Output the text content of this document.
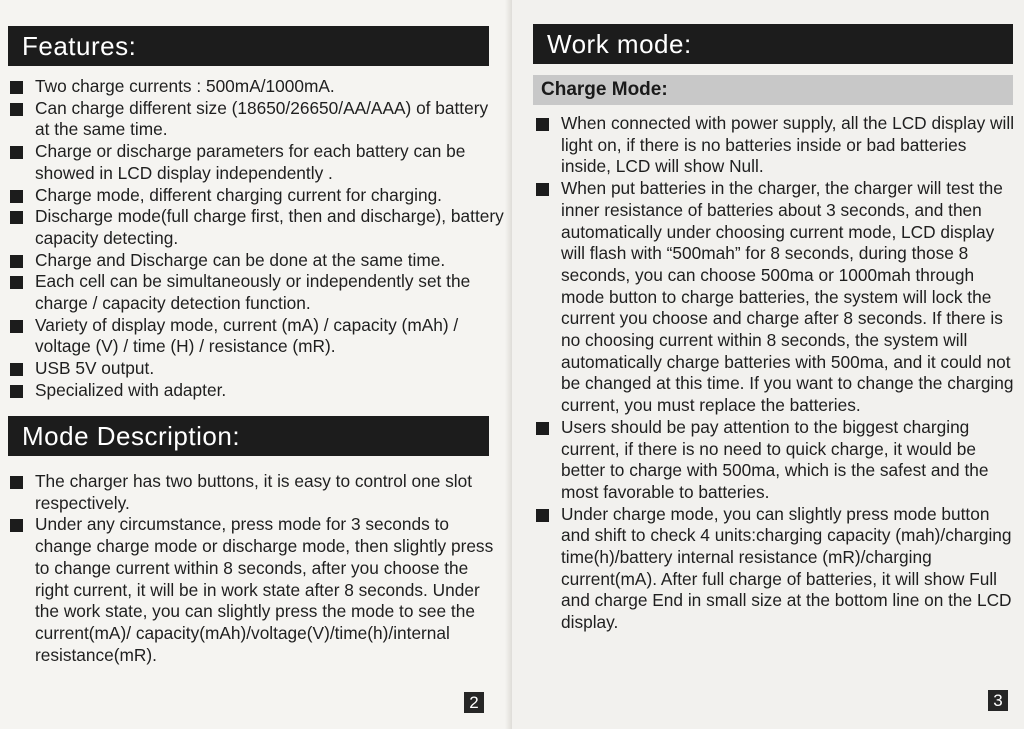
Features:
Two charge currents : 500mA/1000mA.
Can charge different size (18650/26650/AA/AAA) of battery at the same time.
Charge or discharge parameters for each battery can be showed in LCD display independently .
Charge mode, different charging current for charging.
Discharge mode(full charge first, then and discharge), battery capacity detecting.
Charge and Discharge can be done at the same time.
Each cell can be simultaneously or independently set the charge / capacity detection function.
Variety of display mode, current (mA) / capacity (mAh) / voltage (V) / time (H) / resistance (mR).
USB 5V output.
Specialized with adapter.
Mode Description:
The charger has two buttons, it is easy to control one slot respectively.
Under any circumstance, press mode for 3 seconds to change charge mode or discharge mode, then slightly press to change current within 8 seconds, after you choose the right current, it will be in work state after 8 seconds. Under the work state, you can slightly press the mode to see the current(mA)/ capacity(mAh)/voltage(V)/time(h)/internal resistance(mR).
2
Work mode:
Charge Mode:
When connected with power supply, all the LCD display will light on, if there is no batteries inside or bad batteries inside, LCD will show Null.
When put batteries in the charger, the charger will test the inner resistance of batteries about 3 seconds, and then automatically under choosing current mode, LCD display will flash with “500mah” for 8 seconds, during those 8 seconds, you can choose 500ma or 1000mah through mode button to charge batteries, the system will lock the current you choose and charge after 8 seconds. If there is no choosing current within 8 seconds, the system will automatically charge batteries with 500ma, and it could not be changed at this time. If you want to change the charging current, you must replace the batteries.
Users should be pay attention to the biggest charging current, if there is no need to quick charge, it would be better to charge with 500ma, which is the safest and the most favorable to batteries.
Under charge mode, you can slightly press mode button and shift to check 4 units:charging capacity (mah)/charging time(h)/battery internal resistance (mR)/charging current(mA). After full charge of batteries, it will show Full and charge End in small size at the bottom line on the LCD display.
3
